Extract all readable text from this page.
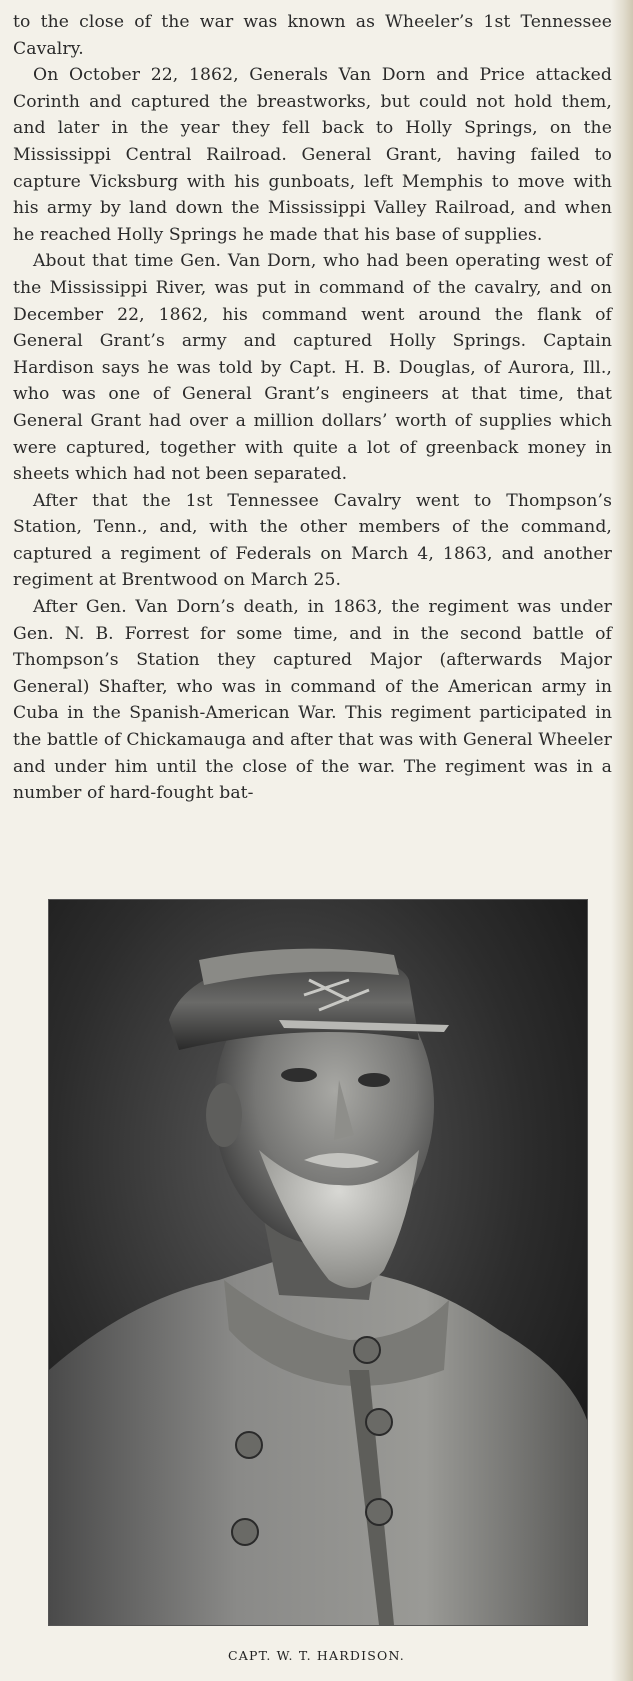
to the close of the war was known as Wheeler’s 1st Tennessee Cavalry.

On October 22, 1862, Generals Van Dorn and Price attacked Corinth and captured the breastworks, but could not hold them, and later in the year they fell back to Holly Springs, on the Mississippi Central Railroad. General Grant, having failed to capture Vicksburg with his gunboats, left Memphis to move with his army by land down the Mississippi Valley Railroad, and when he reached Holly Springs he made that his base of supplies.

About that time Gen. Van Dorn, who had been operating west of the Mississippi River, was put in command of the cavalry, and on December 22, 1862, his command went around the flank of General Grant’s army and captured Holly Springs. Captain Hardison says he was told by Capt. H. B. Douglas, of Aurora, Ill., who was one of General Grant’s engineers at that time, that General Grant had over a million dollars’ worth of supplies which were captured, together with quite a lot of greenback money in sheets which had not been separated.

After that the 1st Tennessee Cavalry went to Thompson’s Station, Tenn., and, with the other members of the command, captured a regiment of Federals on March 4, 1863, and another regiment at Brentwood on March 25.

After Gen. Van Dorn’s death, in 1863, the regiment was under Gen. N. B. Forrest for some time, and in the second battle of Thompson’s Station they captured Major (afterwards Major General) Shafter, who was in command of the American army in Cuba in the Spanish-American War. This regiment participated in the battle of Chickamauga and after that was with General Wheeler and under him until the close of the war. The regiment was in a number of hard-fought bat-

CAPT. W. T. HARDISON.
